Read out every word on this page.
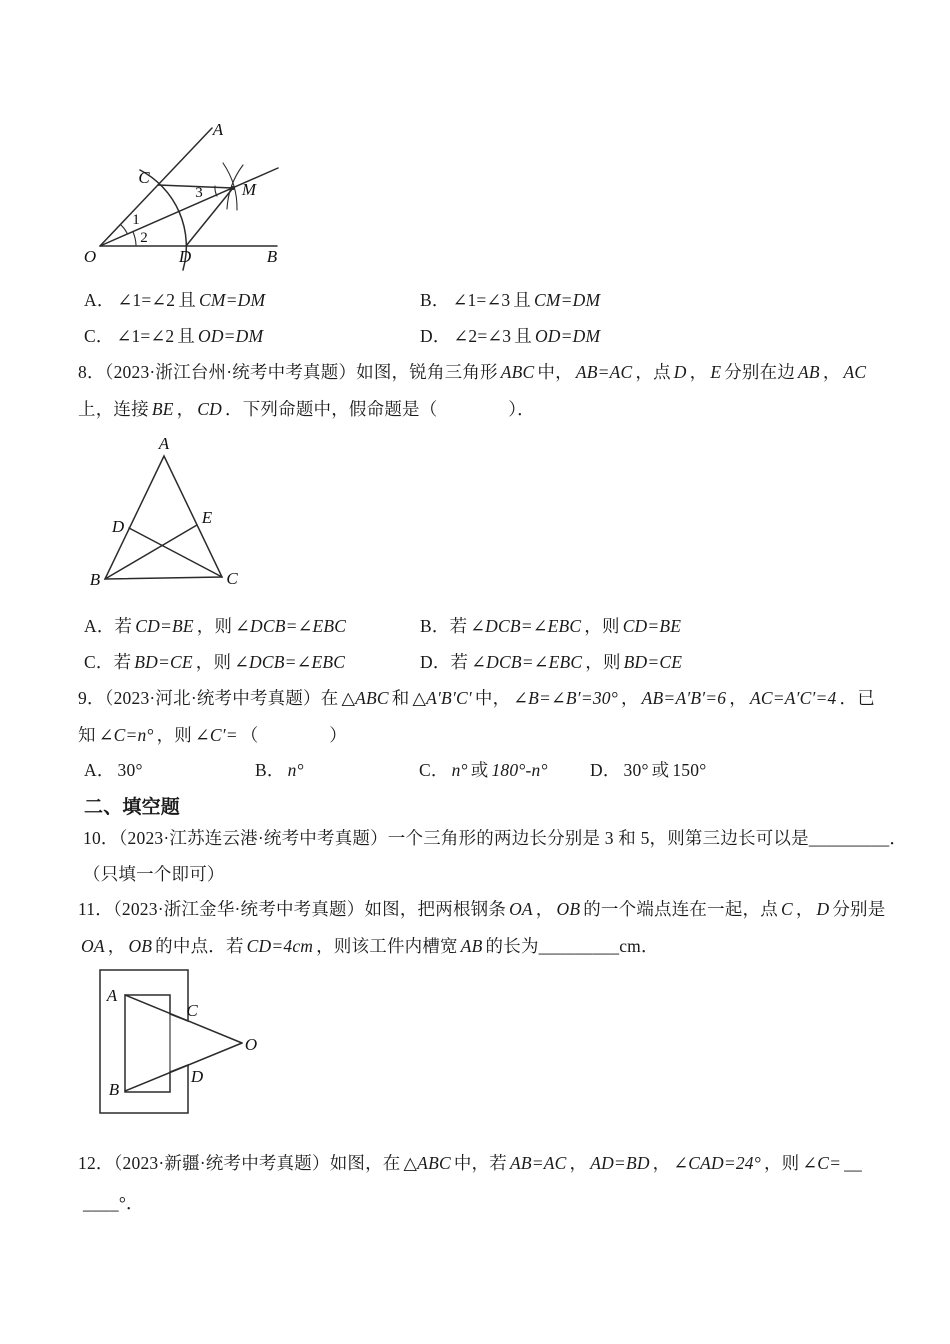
A
C
M
O	D	B
1
2
3
A． ∠1=∠2 且 CM=DM	B． ∠1=∠3 且 CM=DM
C． ∠1=∠2 且 OD=DM	D． ∠2=∠3 且 OD=DM
8．（2023·浙江台州·统考中考真题）如图，锐角三角形 ABC 中， AB=AC ，点 D ， E 分别在边 AB ， AC
上，连接 BE ， CD ．下列命题中，假命题是（　　　　）．
A
D	E
B	C
A．若 CD=BE ，则 ∠DCB=∠EBC	B．若 ∠DCB=∠EBC ，则 CD=BE
C．若 BD=CE ，则 ∠DCB=∠EBC	D．若 ∠DCB=∠EBC ，则 BD=CE
9．（2023·河北·统考中考真题）在 △ABC 和 △A′B′C′ 中， ∠B=∠B′=30° ， AB=A′B′=6 ， AC=A′C′=4 ．已
知 ∠C=n° ，则 ∠C′= （　　　　）
A． 30°	B． n°	C． n° 或 180°-n° D． 30° 或 150°
二、填空题
10．（2023·江苏连云港·统考中考真题）一个三角形的两边长分别是 3 和 5，则第三边长可以是_________．
（只填一个即可）
11．（2023·浙江金华·统考中考真题）如图，把两根钢条 OA ， OB 的一个端点连在一起，点 C ， D 分别是
OA ， OB 的中点．若 CD=4cm ，则该工件内槽宽 AB 的长为_________cm．
A
B
C
D
O
12．（2023·新疆·统考中考真题）如图，在 △ABC 中，若 AB=AC ， AD=BD ， ∠CAD=24° ，则 ∠C= __
____°．
